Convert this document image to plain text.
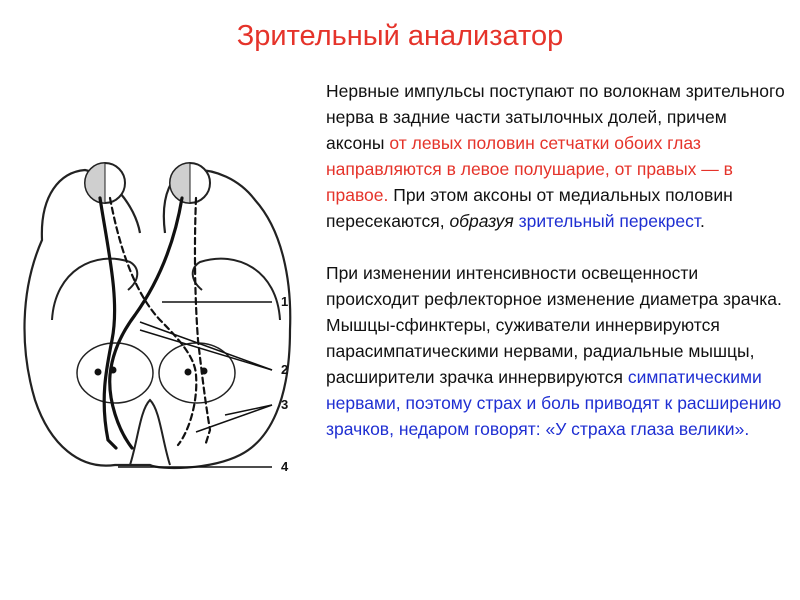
Зрительный анализатор
1
2
3
4

Нервные импульсы поступают по волокнам зрительного нерва в задние части затылочных долей, причем аксоны от левых половин сетчатки обоих глаз направляются в левое полушарие, от правых — в правое. При этом аксоны от медиальных половин пересекаются, образуя зрительный перекрест.

При изменении интенсивности освещенности происходит рефлекторное изменение диаметра зрачка. Мышцы-сфинктеры, суживатели иннервируются парасимпатическими нервами, радиальные мышцы, расширители зрачка иннервируются симпатическими нервами, поэтому страх и боль приводят к расширению зрачков, недаром говорят: «У страха глаза велики».
